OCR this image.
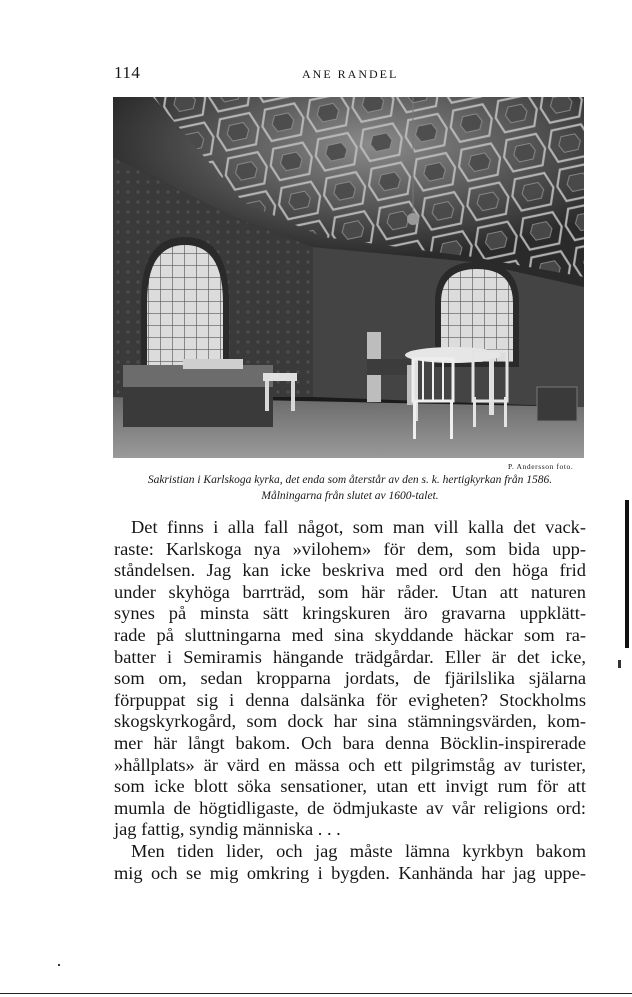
114	ANE RANDEL
P. Andersson foto.
Sakristian i Karlskoga kyrka, det enda som återstår av den s. k. hertigkyrkan från 1586.
Målningarna från slutet av 1600-talet.
Det finns i alla fall något, som man vill kalla det vack-
raste: Karlskoga nya »vilohem» för dem, som bida upp-
ståndelsen. Jag kan icke beskriva med ord den höga frid
under skyhöga barrträd, som här råder. Utan att naturen
synes på minsta sätt kringskuren äro gravarna uppklätt-
rade på sluttningarna med sina skyddande häckar som ra-
batter i Semiramis hängande trädgårdar. Eller är det icke,
som om, sedan kropparna jordats, de fjärilslika själarna
förpuppat sig i denna dalsänka för evigheten? Stockholms
skogskyrkogård, som dock har sina stämningsvärden, kom-
mer här långt bakom. Och bara denna Böcklin-inspirerade
»hållplats» är värd en mässa och ett pilgrimståg av turister,
som icke blott söka sensationer, utan ett invigt rum för att
mumla de högtidligaste, de ödmjukaste av vår religions ord:
jag fattig, syndig människa . . .
Men tiden lider, och jag måste lämna kyrkbyn bakom
mig och se mig omkring i bygden. Kanhända har jag uppe-
